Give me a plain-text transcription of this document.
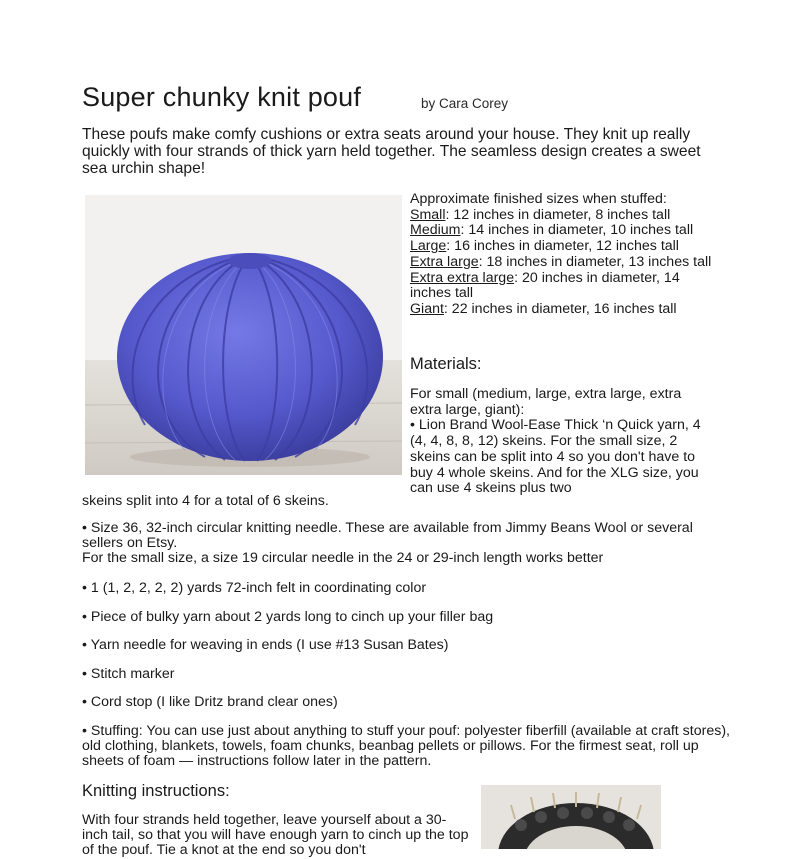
Super chunky knit pouf	by Cara Corey

These poufs make comfy cushions or extra seats around your house. They knit up really quickly with four strands of thick yarn held together. The seamless design creates a sweet sea urchin shape!

Approximate finished sizes when stuffed:

Small: 12 inches in diameter, 8 inches tall

Medium: 14 inches in diameter, 10 inches tall

Large: 16 inches in diameter, 12 inches tall

Extra large: 18 inches in diameter, 13 inches tall

Extra extra large: 20 inches in diameter, 14 inches tall

Giant: 22 inches in diameter, 16 inches tall

Materials:

For small (medium, large, extra large, extra extra large, giant):

• Lion Brand Wool-Ease Thick ‘n Quick yarn, 4 (4, 4, 8, 8, 12) skeins. For the small size, 2 skeins can be split into 4 so you don't have to buy 4 whole skeins. And for the XLG size, you can use 4 skeins plus two

skeins split into 4 for a total of 6 skeins.

• Size 36, 32-inch circular knitting needle. These are available from Jimmy Beans Wool or several sellers on Etsy.

For the small size, a size 19 circular needle in the 24 or 29-inch length works better

• 1 (1, 2, 2, 2, 2) yards 72-inch felt in coordinating color

• Piece of bulky yarn about 2 yards long to cinch up your filler bag

• Yarn needle for weaving in ends (I use #13 Susan Bates)

• Stitch marker

• Cord stop (I like Dritz brand clear ones)

• Stuffing: You can use just about anything to stuff your pouf: polyester fiberfill (available at craft stores), old clothing, blankets, towels, foam chunks, beanbag pellets or pillows. For the firmest seat, roll up sheets of foam — instructions follow later in the pattern.

Knitting instructions:

With four strands held together, leave yourself about a 30-inch tail, so that you will have enough yarn to cinch up the top of the pouf. Tie a knot at the end so you don't
